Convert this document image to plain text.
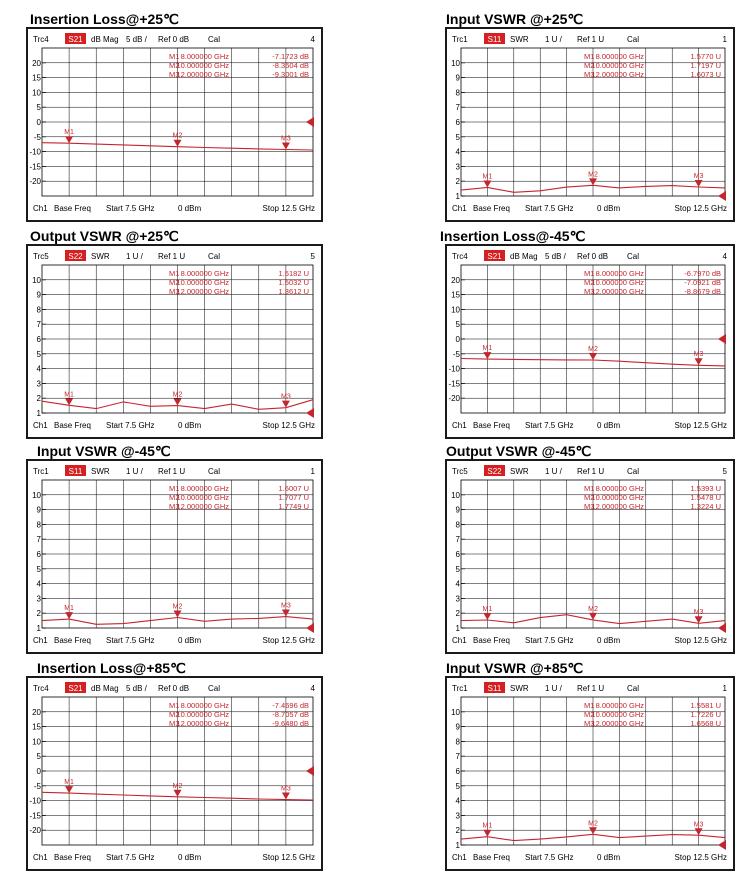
Insertion Loss@+25℃	Input VSWR @+25℃
Output VSWR @+25℃	Insertion Loss@-45℃
Input VSWR @-45℃	Output VSWR @-45℃
Insertion Loss@+85℃	Input VSWR @+85℃
Trc4 S21 dB Mag 5 dB / Ref 0 dB Cal	4
20
15
10
5
0
-5
-10
-15
-20
M1	M2	M3
M1 8.000000 GHz	-7.1723 dB
M2
10.000000 GHz	-8.3504 dB
M3
12.000000 GHz	-9.3001 dB
Ch1 Base Freq Start 7.5 GHz	0 dBm	Stop 12.5 GHz
Trc1 S11 SWR 1 U / Ref 1 U	Cal	1
10
9
8
7
6
5
4
3
2
1
M1	M2	M3
M1 8.000000 GHz	1.5770 U
M2
10.000000 GHz	1.7197 U
M3
12.000000 GHz	1.6073 U
Ch1 Base Freq Start 7.5 GHz	0 dBm	Stop 12.5 GHz
Trc5 S22 SWR 1 U / Ref 1 U	Cal	5
10
9
8
7
6
5
4
3
2
1
M1	M2	M3
M1 8.000000 GHz	1.5182 U
M2
10.000000 GHz	1.5032 U
M3
12.000000 GHz	1.3612 U
Ch1 Base Freq Start 7.5 GHz	0 dBm	Stop 12.5 GHz
Trc4 S21 dB Mag 5 dB / Ref 0 dB Cal	4
20
15
10
5
0
-5
-10
-15
-20
M1	M2
M3
M1 8.000000 GHz	-6.7970 dB
M2
10.000000 GHz	-7.0921 dB
M3
12.000000 GHz	-8.8679 dB
Ch1 Base Freq Start 7.5 GHz	0 dBm	Stop 12.5 GHz
Trc1 S11 SWR 1 U / Ref 1 U	Cal	1
10
9
8
7
6
5
4
3
2
1
M1	M2	M3
M1 8.000000 GHz	1.6007 U
M2
10.000000 GHz	1.7077 U
M3
12.000000 GHz	1.7749 U
Ch1 Base Freq Start 7.5 GHz	0 dBm	Stop 12.5 GHz
Trc5 S22 SWR 1 U / Ref 1 U	Cal	5
10
9
8
7
6
5
4
3
2
1
M1	M2	M3
M1 8.000000 GHz	1.5393 U
M2
10.000000 GHz	1.5478 U
M3
12.000000 GHz	1.3224 U
Ch1 Base Freq Start 7.5 GHz	0 dBm	Stop 12.5 GHz
Trc4 S21 dB Mag 5 dB / Ref 0 dB Cal	4
20
15
10
5
0
-5
-10
-15
-20
M1
M2	M3
M1 8.000000 GHz	-7.4696 dB
M2
10.000000 GHz	-8.7057 dB
M3
12.000000 GHz	-9.6480 dB
Ch1 Base Freq Start 7.5 GHz	0 dBm	Stop 12.5 GHz
Trc1 S11 SWR 1 U / Ref 1 U	Cal	1
10
9
8
7
6
5
4
3
2
1
M1	M2	M3
M1 8.000000 GHz	1.5581 U
M2
10.000000 GHz	1.7226 U
M3
12.000000 GHz	1.6568 U
Ch1 Base Freq Start 7.5 GHz	0 dBm	Stop 12.5 GHz
